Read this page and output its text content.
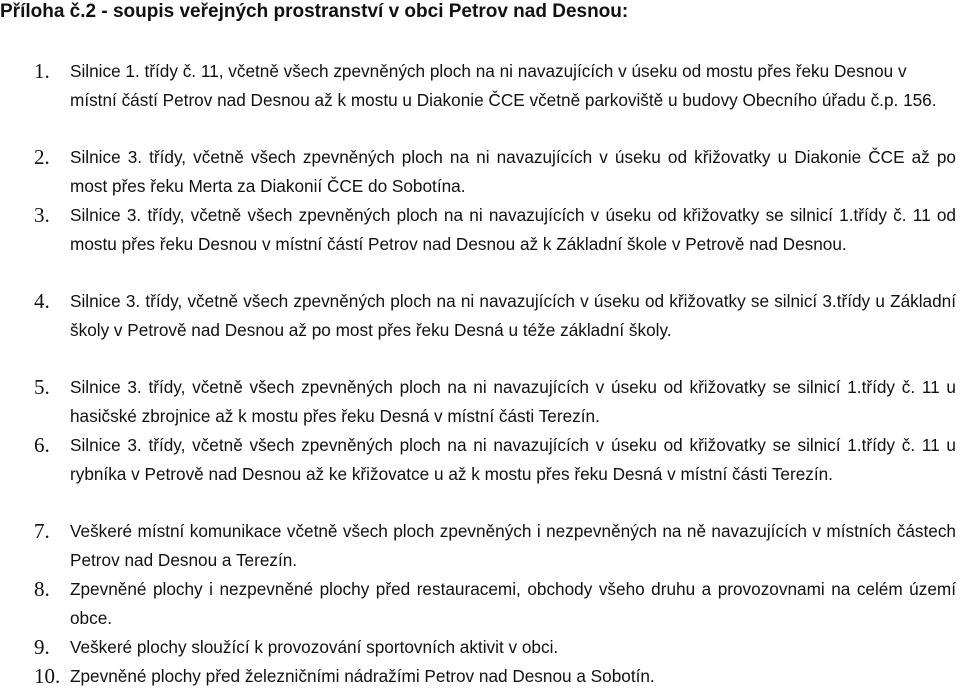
Příloha č.2 - soupis veřejných prostranství v obci Petrov nad Desnou:
1. Silnice 1. třídy č. 11, včetně všech zpevněných ploch na ni navazujících v úseku od mostu přes řeku Desnou v místní částí Petrov nad Desnou až k mostu u Diakonie ČCE včetně parkoviště u budovy Obecního úřadu č.p. 156.
2. Silnice 3. třídy, včetně všech zpevněných ploch na ni navazujících v úseku od křižovatky u Diakonie ČCE až po most přes řeku Merta za Diakonií ČCE do Sobotína.
3. Silnice 3. třídy, včetně všech zpevněných ploch na ni navazujících v úseku od křižovatky se silnicí 1.třídy č. 11 od mostu přes řeku Desnou v místní částí Petrov nad Desnou až k Základní škole v Petrově nad Desnou.
4. Silnice 3. třídy, včetně všech zpevněných ploch na ni navazujících v úseku od křižovatky se silnicí 3.třídy u Základní školy v Petrově nad Desnou až po most přes řeku Desná u téže základní školy.
5. Silnice 3. třídy, včetně všech zpevněných ploch na ni navazujících v úseku od křižovatky se silnicí 1.třídy č. 11 u hasičské zbrojnice až k mostu přes řeku Desná v místní části Terezín.
6. Silnice 3. třídy, včetně všech zpevněných ploch na ni navazujících v úseku od křižovatky se silnicí 1.třídy č. 11 u rybníka v Petrově nad Desnou až ke křižovatce u až k mostu přes řeku Desná v místní části Terezín.
7. Veškeré místní komunikace včetně všech ploch zpevněných i nezpevněných na ně navazujících v místních částech Petrov nad Desnou a Terezín.
8. Zpevněné plochy i nezpevněné plochy před restauracemi, obchody všeho druhu a provozovnami na celém území obce.
9. Veškeré plochy sloužící k provozování sportovních aktivit v obci.
10. Zpevněné plochy před železničními nádražími Petrov nad Desnou a Sobotín.
